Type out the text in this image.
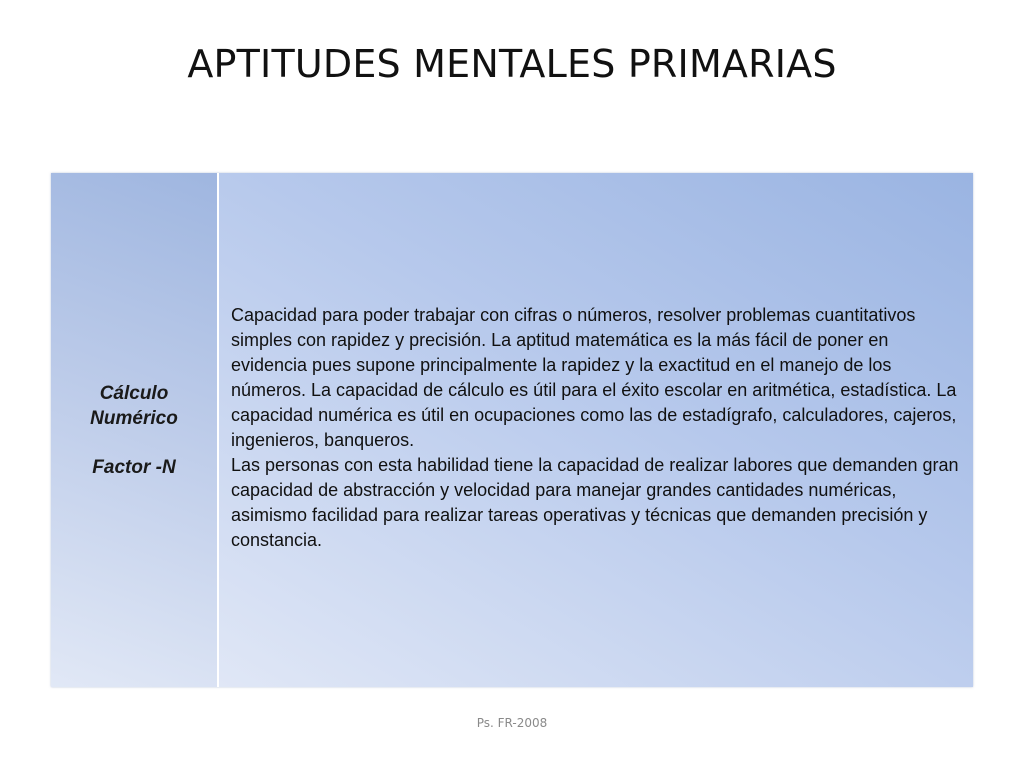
APTITUDES MENTALES PRIMARIAS
Cálculo
Numérico
Factor -N

Capacidad para poder trabajar con cifras o números, resolver problemas cuantitativos simples con rapidez y precisión. La aptitud matemática es la más fácil de poner en evidencia pues supone principalmente la rapidez y la exactitud en el manejo de los números. La capacidad de cálculo es útil para el éxito escolar en aritmética, estadística. La capacidad numérica es útil en ocupaciones como las de estadígrafo, calculadores, cajeros, ingenieros, banqueros.

Las personas con esta habilidad tiene la capacidad de realizar labores que demanden gran capacidad de abstracción y velocidad para manejar grandes cantidades numéricas, asimismo facilidad para realizar tareas operativas y técnicas que demanden precisión y constancia.

Ps. FR-2008
